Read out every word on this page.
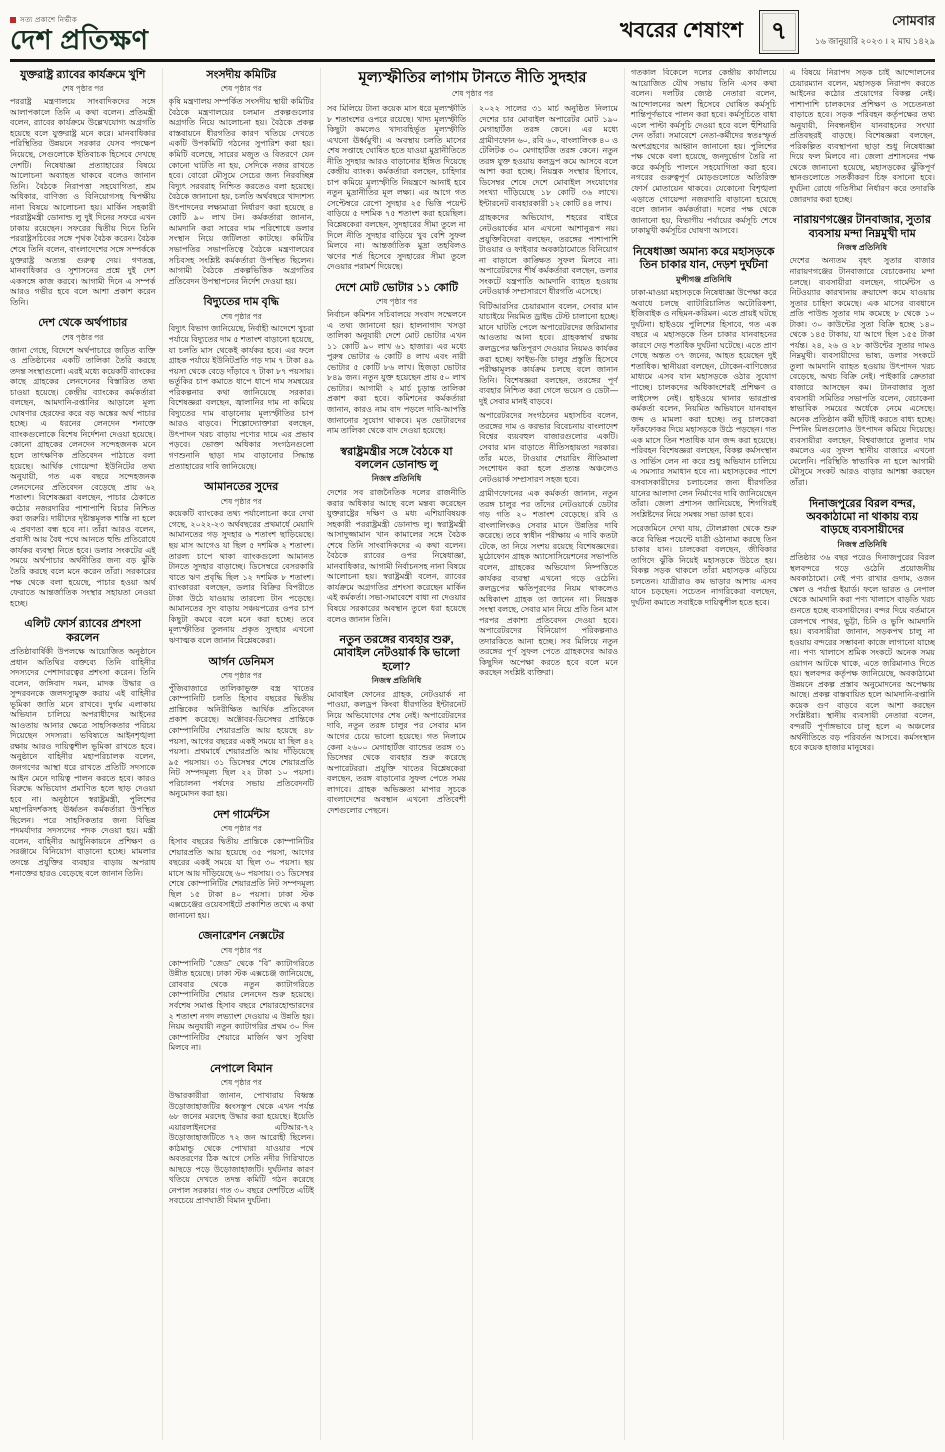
সত্য প্রকাশে নির্ভীক
দেশ প্রতিক্ষণ	খবরের শেষাংশ ৭	সোমবার
১৬ জানুয়ারি ২০২৩ । ২ মাঘ ১৪২৯
যুক্তরাষ্ট্র র‍্যাবের কার্যক্রমে খুশি
শেষ পৃষ্ঠার পর

পররাষ্ট্র মন্ত্রণালয়ে সাংবাদিকদের সঙ্গে আলাপকালে তিনি এ কথা বলেন। প্রতিমন্ত্রী বলেন, র‍্যাবের কার্যক্রমে উল্লেখযোগ্য অগ্রগতি হয়েছে বলে যুক্তরাষ্ট্র মনে করে। মানবাধিকার পরিস্থিতির উন্নয়নে সরকার যেসব পদক্ষেপ নিয়েছে, সেগুলোকে ইতিবাচক হিসেবে দেখছে দেশটি। নিষেধাজ্ঞা প্রত্যাহারের বিষয়ে আলোচনা অব্যাহত থাকবে বলেও জানান তিনি। বৈঠকে নিরাপত্তা সহযোগিতা, শ্রম অধিকার, বাণিজ্য ও বিনিয়োগসহ দ্বিপক্ষীয় নানা বিষয়ে আলোচনা হয়। মার্কিন সহকারী পররাষ্ট্রমন্ত্রী ডোনাল্ড লু দুই দিনের সফরে এখন ঢাকায় রয়েছেন। সফরের দ্বিতীয় দিনে তিনি পররাষ্ট্রসচিবের সঙ্গে পৃথক বৈঠক করেন। বৈঠক শেষে তিনি বলেন, বাংলাদেশের সঙ্গে সম্পর্ককে যুক্তরাষ্ট্র অত্যন্ত গুরুত্ব দেয়। গণতন্ত্র, মানবাধিকার ও সুশাসনের প্রশ্নে দুই দেশ একসঙ্গে কাজ করবে। আগামী দিনে এ সম্পর্ক আরও গভীর হবে বলে আশা প্রকাশ করেন তিনি।

দেশ থেকে অর্থপাচার
শেষ পৃষ্ঠার পর

জানা গেছে, বিদেশে অর্থপাচারে জড়িত ব্যক্তি ও প্রতিষ্ঠানের একটি তালিকা তৈরি করছে তদন্ত সংস্থাগুলো। এরই মধ্যে কয়েকটি ব্যাংকের কাছে গ্রাহকের লেনদেনের বিস্তারিত তথ্য চাওয়া হয়েছে। কেন্দ্রীয় ব্যাংকের কর্মকর্তারা বলছেন, আমদানি-রপ্তানির আড়ালে মূল্য ঘোষণার হেরফের করে বড় অঙ্কের অর্থ পাচার হচ্ছে। এ ধরনের লেনদেন শনাক্তে ব্যাংকগুলোকে বিশেষ নির্দেশনা দেওয়া হয়েছে। কোনো গ্রাহকের লেনদেন সন্দেহজনক মনে হলে তাৎক্ষণিক প্রতিবেদন পাঠাতে বলা হয়েছে। আর্থিক গোয়েন্দা ইউনিটের তথ্য অনুযায়ী, গত এক বছরে সন্দেহজনক লেনদেনের প্রতিবেদন বেড়েছে প্রায় ৬২ শতাংশ। বিশেষজ্ঞরা বলছেন, পাচার ঠেকাতে কঠোর নজরদারির পাশাপাশি বিচার নিশ্চিত করা জরুরি। দায়ীদের দৃষ্টান্তমূলক শাস্তি না হলে এ প্রবণতা বন্ধ হবে না। তাঁরা আরও বলেন, প্রবাসী আয় বৈধ পথে আনতে হুন্ডি প্রতিরোধে কার্যকর ব্যবস্থা নিতে হবে। ডলার সংকটের এই সময়ে অর্থপাচার অর্থনীতির জন্য বড় ঝুঁকি তৈরি করছে বলে মনে করেন তাঁরা। সরকারের পক্ষ থেকে বলা হয়েছে, পাচার হওয়া অর্থ ফেরাতে আন্তর্জাতিক সংস্থার সহায়তা নেওয়া হচ্ছে।

এলিট ফোর্স র‍্যাবের প্রশংসা করলেন

প্রতিষ্ঠাবার্ষিকী উপলক্ষে আয়োজিত অনুষ্ঠানে প্রধান অতিথির বক্তব্যে তিনি বাহিনীর সদস্যদের পেশাদারত্বের প্রশংসা করেন। তিনি বলেন, জঙ্গিবাদ দমন, মাদক উদ্ধার ও সুন্দরবনকে জলদস্যুমুক্ত করায় এই বাহিনীর ভূমিকা জাতি মনে রাখবে। দুর্গম এলাকায় অভিযান চালিয়ে অপরাধীদের আইনের আওতায় আনার ক্ষেত্রে সাহসিকতার পরিচয় দিয়েছেন সদস্যরা। ভবিষ্যতে আইনশৃঙ্খলা রক্ষায় আরও দায়িত্বশীল ভূমিকা রাখতে হবে। অনুষ্ঠানে বাহিনীর মহাপরিচালক বলেন, জনগণের আস্থা ধরে রাখতে প্রতিটি সদস্যকে আইন মেনে দায়িত্ব পালন করতে হবে। কারও বিরুদ্ধে অভিযোগ প্রমাণিত হলে ছাড় দেওয়া হবে না। অনুষ্ঠানে স্বরাষ্ট্রমন্ত্রী, পুলিশের মহাপরিদর্শকসহ ঊর্ধ্বতন কর্মকর্তারা উপস্থিত ছিলেন। পরে সাহসিকতার জন্য বিভিন্ন পদমর্যাদার সদস্যদের পদক দেওয়া হয়। মন্ত্রী বলেন, বাহিনীর আধুনিকায়নে প্রশিক্ষণ ও সরঞ্জামে বিনিয়োগ বাড়ানো হচ্ছে। মামলার তদন্তে প্রযুক্তির ব্যবহার বাড়ায় অপরাধ শনাক্তের হারও বেড়েছে বলে জানান তিনি।

সংসদীয় কমিটির
শেষ পৃষ্ঠার পর

কৃষি মন্ত্রণালয় সম্পর্কিত সংসদীয় স্থায়ী কমিটির বৈঠকে মন্ত্রণালয়ের চলমান প্রকল্পগুলোর অগ্রগতি নিয়ে আলোচনা হয়। বৈঠকে প্রকল্প বাস্তবায়নে ধীরগতির কারণ খতিয়ে দেখতে একটি উপকমিটি গঠনের সুপারিশ করা হয়। কমিটি বলেছে, সারের মজুত ও বিতরণে যেন কোনো ঘাটতি না হয়, সেদিকে নজর রাখতে হবে। বোরো মৌসুমে সেচের জন্য নিরবচ্ছিন্ন বিদ্যুৎ সরবরাহ নিশ্চিত করতেও বলা হয়েছে। বৈঠকে জানানো হয়, চলতি অর্থবছরে খাদ্যশস্য উৎপাদনের লক্ষ্যমাত্রা নির্ধারণ করা হয়েছে ৪ কোটি ৯০ লাখ টন। কর্মকর্তারা জানান, আমদানি করা সারের দাম পরিশোধে ডলার সংস্থান নিয়ে জটিলতা কাটছে। কমিটির সভাপতির সভাপতিত্বে বৈঠকে মন্ত্রণালয়ের সচিবসহ সংশ্লিষ্ট কর্মকর্তারা উপস্থিত ছিলেন। আগামী বৈঠকে প্রকল্পভিত্তিক অগ্রগতির প্রতিবেদন উপস্থাপনের নির্দেশ দেওয়া হয়।

বিদ্যুতের দাম বৃদ্ধি
শেষ পৃষ্ঠার পর

বিদ্যুৎ বিভাগ জানিয়েছে, নির্বাহী আদেশে খুচরা পর্যায়ে বিদ্যুতের দাম ৫ শতাংশ বাড়ানো হয়েছে, যা চলতি মাস থেকেই কার্যকর হবে। এর ফলে গ্রাহক পর্যায়ে ইউনিটপ্রতি গড় দাম ৭ টাকা ৪৯ পয়সা থেকে বেড়ে দাঁড়াবে ৭ টাকা ৮৭ পয়সায়। ভর্তুকির চাপ কমাতে ধাপে ধাপে দাম সমন্বয়ের পরিকল্পনার কথা জানিয়েছে সরকার। বিশেষজ্ঞরা বলছেন, জ্বালানির দাম না কমিয়ে বিদ্যুতের দাম বাড়ানোয় মূল্যস্ফীতির চাপ আরও বাড়বে। শিল্পোদ্যোক্তারা বলছেন, উৎপাদন খরচ বাড়ায় পণ্যের দামে এর প্রভাব পড়বে। ভোক্তা অধিকার সংগঠনগুলো গণশুনানি ছাড়া দাম বাড়ানোর সিদ্ধান্ত প্রত্যাহারের দাবি জানিয়েছে।

আমানতের সুদের
শেষ পৃষ্ঠার পর

কয়েকটি ব্যাংকের তথ্য পর্যালোচনা করে দেখা গেছে, ২০২২-২৩ অর্থবছরের প্রথমার্ধে মেয়াদি আমানতের গড় সুদহার ৬ শতাংশ ছাড়িয়েছে। ছয় মাস আগেও যা ছিল ৫ দশমিক ২ শতাংশ। তারল্য চাপে থাকা ব্যাংকগুলো আমানত টানতে সুদহার বাড়াচ্ছে। ডিসেম্বরে বেসরকারি খাতে ঋণ প্রবৃদ্ধি ছিল ১২ দশমিক ৮ শতাংশ। ব্যাংকাররা বলছেন, ডলার বিক্রির বিপরীতে টাকা উঠে যাওয়ায় তারল্যে টান পড়েছে। আমানতের সুদ বাড়ায় সঞ্চয়পত্রের ওপর চাপ কিছুটা কমবে বলে মনে করা হচ্ছে। তবে মূল্যস্ফীতির তুলনায় প্রকৃত সুদহার এখনো ঋণাত্মক বলে জানান বিশ্লেষকেরা।

আর্গন ডেনিমস
শেষ পৃষ্ঠার পর

পুঁজিবাজারে তালিকাভুক্ত বস্ত্র খাতের কোম্পানিটি চলতি হিসাব বছরের দ্বিতীয় প্রান্তিকের অনিরীক্ষিত আর্থিক প্রতিবেদন প্রকাশ করেছে। অক্টোবর-ডিসেম্বর প্রান্তিকে কোম্পানিটির শেয়ারপ্রতি আয় হয়েছে ৪৮ পয়সা, আগের বছরের একই সময়ে যা ছিল ৪২ পয়সা। প্রথমার্ধে শেয়ারপ্রতি আয় দাঁড়িয়েছে ৯৫ পয়সায়। ৩১ ডিসেম্বর শেষে শেয়ারপ্রতি নিট সম্পদমূল্য ছিল ২২ টাকা ১০ পয়সা। পরিচালনা পর্ষদের সভায় প্রতিবেদনটি অনুমোদন করা হয়।

দেশ গার্মেন্টস
শেষ পৃষ্ঠার পর

হিসাব বছরের দ্বিতীয় প্রান্তিকে কোম্পানিটির শেয়ারপ্রতি আয় হয়েছে ৩৫ পয়সা, আগের বছরের একই সময়ে যা ছিল ৩০ পয়সা। ছয় মাসে আয় দাঁড়িয়েছে ৬০ পয়সায়। ৩১ ডিসেম্বর শেষে কোম্পানিটির শেয়ারপ্রতি নিট সম্পদমূল্য ছিল ১৫ টাকা ৪০ পয়সা। ঢাকা স্টক এক্সচেঞ্জের ওয়েবসাইটে প্রকাশিত তথ্যে এ কথা জানানো হয়।

জেনারেশন নেক্সটের
শেষ পৃষ্ঠার পর

কোম্পানিটি “জেড” থেকে “বি” ক্যাটাগরিতে উন্নীত হয়েছে। ঢাকা স্টক এক্সচেঞ্জ জানিয়েছে, রোববার থেকে নতুন ক্যাটাগরিতে কোম্পানিটির শেয়ার লেনদেন শুরু হয়েছে। সর্বশেষ সমাপ্ত হিসাব বছরে শেয়ারহোল্ডারদের ২ শতাংশ নগদ লভ্যাংশ দেওয়ায় এ উন্নতি হয়। নিয়ম অনুযায়ী নতুন ক্যাটাগরির প্রথম ৩০ দিন কোম্পানিটির শেয়ারে মার্জিন ঋণ সুবিধা মিলবে না।

নেপালে বিমান
শেষ পৃষ্ঠার পর

উদ্ধারকারীরা জানান, পোখারায় বিধ্বস্ত উড়োজাহাজটির ধ্বংসস্তূপ থেকে এখন পর্যন্ত ৬৮ জনের মরদেহ উদ্ধার করা হয়েছে। ইয়েতি এয়ারলাইনসের এটিআর-৭২ উড়োজাহাজটিতে ৭২ জন আরোহী ছিলেন। কাঠমান্ডু থেকে পোখারা যাওয়ার পথে অবতরণের ঠিক আগে সেতি নদীর গিরিখাতে আছড়ে পড়ে উড়োজাহাজটি। দুর্ঘটনার কারণ খতিয়ে দেখতে তদন্ত কমিটি গঠন করেছে নেপাল সরকার। গত ৩০ বছরে দেশটিতে এটিই সবচেয়ে প্রাণঘাতী বিমান দুর্ঘটনা।

মূল্যস্ফীতির লাগাম টানতে নীতি সুদহার
শেষ পৃষ্ঠার পর

সব মিলিয়ে টানা কয়েক মাস ধরে মূল্যস্ফীতি ৮ শতাংশের ওপরে রয়েছে। খাদ্য মূল্যস্ফীতি কিছুটা কমলেও খাদ্যবহির্ভূত মূল্যস্ফীতি এখনো ঊর্ধ্বমুখী। এ অবস্থায় চলতি মাসের শেষ সপ্তাহে ঘোষিত হতে যাওয়া মুদ্রানীতিতে নীতি সুদহার আরও বাড়ানোর ইঙ্গিত দিয়েছে কেন্দ্রীয় ব্যাংক। কর্মকর্তারা বলছেন, চাহিদার চাপ কমিয়ে মূল্যস্ফীতি নিয়ন্ত্রণে আনাই হবে নতুন মুদ্রানীতির মূল লক্ষ্য। এর আগে গত সেপ্টেম্বরে রেপো সুদহার ২৫ ভিত্তি পয়েন্ট বাড়িয়ে ৫ দশমিক ৭৫ শতাংশ করা হয়েছিল। বিশ্লেষকেরা বলছেন, সুদহারের সীমা তুলে না দিলে নীতি সুদহার বাড়িয়ে খুব বেশি সুফল মিলবে না। আন্তর্জাতিক মুদ্রা তহবিলও ঋণের শর্ত হিসেবে সুদহারের সীমা তুলে দেওয়ার পরামর্শ দিয়েছে।

দেশে মোট ভোটার ১১ কোটি
শেষ পৃষ্ঠার পর

নির্বাচন কমিশন সচিবালয়ে সংবাদ সম্মেলনে এ তথ্য জানানো হয়। হালনাগাদ খসড়া তালিকা অনুযায়ী দেশে মোট ভোটার এখন ১১ কোটি ৯০ লাখ ৬১ হাজার। এর মধ্যে পুরুষ ভোটার ৬ কোটি ৪ লাখ এবং নারী ভোটার ৫ কোটি ৮৬ লাখ। হিজড়া ভোটার ৮৪৯ জন। নতুন যুক্ত হয়েছেন প্রায় ৫০ লাখ ভোটার। আগামী ২ মার্চ চূড়ান্ত তালিকা প্রকাশ করা হবে। কমিশনের কর্মকর্তারা জানান, কারও নাম বাদ পড়লে দাবি-আপত্তি জানানোর সুযোগ থাকবে। মৃত ভোটারদের নাম তালিকা থেকে বাদ দেওয়া হয়েছে।

স্বরাষ্ট্রমন্ত্রীর সঙ্গে বৈঠকে যা বললেন ডোনাল্ড লু
নিজস্ব প্রতিনিধি

দেশের সব রাজনৈতিক দলের রাজনীতি করার অধিকার আছে বলে মন্তব্য করেছেন যুক্তরাষ্ট্রের দক্ষিণ ও মধ্য এশিয়াবিষয়ক সহকারী পররাষ্ট্রমন্ত্রী ডোনাল্ড লু। স্বরাষ্ট্রমন্ত্রী আসাদুজ্জামান খান কামালের সঙ্গে বৈঠক শেষে তিনি সাংবাদিকদের এ কথা বলেন। বৈঠকে র‍্যাবের ওপর নিষেধাজ্ঞা, মানবাধিকার, আগামী নির্বাচনসহ নানা বিষয়ে আলোচনা হয়। স্বরাষ্ট্রমন্ত্রী বলেন, র‍্যাবের কার্যক্রমে অগ্রগতির প্রশংসা করেছেন মার্কিন এই কর্মকর্তা। সভা-সমাবেশে বাধা না দেওয়ার বিষয়ে সরকারের অবস্থান তুলে ধরা হয়েছে বলেও জানান তিনি।

নতুন তরঙ্গের ব্যবহার শুরু, মোবাইল নেটওয়ার্ক কি ভালো হলো?
নিজস্ব প্রতিনিধি

মোবাইল ফোনের গ্রাহক, নেটওয়ার্ক না পাওয়া, কলড্রপ কিংবা ধীরগতির ইন্টারনেট নিয়ে অভিযোগের শেষ নেই। অপারেটরদের দাবি, নতুন তরঙ্গ চালুর পর সেবার মান আগের চেয়ে ভালো হয়েছে। গত নিলামে কেনা ২৬০০ মেগাহার্টজ ব্যান্ডের তরঙ্গ ৩১ ডিসেম্বর থেকে ব্যবহার শুরু করেছে অপারেটররা। প্রযুক্তি খাতের বিশ্লেষকেরা বলছেন, তরঙ্গ বাড়ানোর সুফল পেতে সময় লাগবে। গ্রাহক অভিজ্ঞতা মাপার সূচকে বাংলাদেশের অবস্থান এখনো প্রতিবেশী দেশগুলোর পেছনে।

২০২২ সালের ৩১ মার্চ অনুষ্ঠিত নিলামে দেশের চার মোবাইল অপারেটর মোট ১৯০ মেগাহার্টজ তরঙ্গ কেনে। এর মধ্যে গ্রামীণফোন ৬০, রবি ৬০, বাংলালিংক ৪০ ও টেলিটক ৩০ মেগাহার্টজ তরঙ্গ কেনে। নতুন তরঙ্গ যুক্ত হওয়ায় কলড্রপ কমে আসবে বলে আশা করা হচ্ছে। নিয়ন্ত্রক সংস্থার হিসাবে, ডিসেম্বর শেষে দেশে মোবাইল সংযোগের সংখ্যা দাঁড়িয়েছে ১৮ কোটি ৩৬ লাখে। ইন্টারনেট ব্যবহারকারী ১২ কোটি ৪৪ লাখ।

গ্রাহকদের অভিযোগ, শহরের বাইরে নেটওয়ার্কের মান এখনো আশানুরূপ নয়। প্রযুক্তিবিদেরা বলছেন, তরঙ্গের পাশাপাশি টাওয়ার ও ফাইবার অবকাঠামোতে বিনিয়োগ না বাড়ালে কাঙ্ক্ষিত সুফল মিলবে না। অপারেটরদের শীর্ষ কর্মকর্তারা বলছেন, ডলার সংকটে যন্ত্রপাতি আমদানি ব্যাহত হওয়ায় নেটওয়ার্ক সম্প্রসারণে ধীরগতি এসেছে।

বিটিআরসির চেয়ারম্যান বলেন, সেবার মান যাচাইয়ে নিয়মিত ড্রাইভ টেস্ট চালানো হচ্ছে। মানে ঘাটতি পেলে অপারেটরদের জরিমানার আওতায় আনা হবে। গ্রাহকস্বার্থ রক্ষায় কলড্রপের ক্ষতিপূরণ দেওয়ার নিয়মও কার্যকর করা হচ্ছে। ফাইভ-জি চালুর প্রস্তুতি হিসেবে পরীক্ষামূলক কার্যক্রম চলছে বলে জানান তিনি। বিশেষজ্ঞরা বলছেন, তরঙ্গের পূর্ণ ব্যবহার নিশ্চিত করা গেলে ভয়েস ও ডেটা— দুই সেবার মানই বাড়বে।

অপারেটরদের সংগঠনের মহাসচিব বলেন, তরঙ্গের দাম ও করভার বিবেচনায় বাংলাদেশ বিশ্বের ব্যয়বহুল বাজারগুলোর একটি। সেবার মান বাড়াতে নীতিসহায়তা দরকার। তাঁর মতে, টাওয়ার শেয়ারিং নীতিমালা সংশোধন করা হলে প্রত্যন্ত অঞ্চলেও নেটওয়ার্ক সম্প্রসারণ সহজ হবে।

গ্রামীণফোনের এক কর্মকর্তা জানান, নতুন তরঙ্গ চালুর পর তাঁদের নেটওয়ার্কে ডেটার গড় গতি ২০ শতাংশ বেড়েছে। রবি ও বাংলালিংকও সেবার মানে উন্নতির দাবি করেছে। তবে স্বাধীন পরীক্ষায় এ দাবি কতটা টেকে, তা নিয়ে সংশয় রয়েছে বিশেষজ্ঞদের। মুঠোফোন গ্রাহক অ্যাসোসিয়েশনের সভাপতি বলেন, গ্রাহকের অভিযোগ নিষ্পত্তিতে কার্যকর ব্যবস্থা এখনো গড়ে ওঠেনি। কলড্রপের ক্ষতিপূরণের নিয়ম থাকলেও অধিকাংশ গ্রাহক তা জানেন না। নিয়ন্ত্রক সংস্থা বলছে, সেবার মান নিয়ে প্রতি তিন মাস পরপর প্রকাশ্য প্রতিবেদন দেওয়া হবে। অপারেটরদের বিনিয়োগ পরিকল্পনাও তদারকিতে আনা হচ্ছে। সব মিলিয়ে নতুন তরঙ্গের পূর্ণ সুফল পেতে গ্রাহকদের আরও কিছুদিন অপেক্ষা করতে হবে বলে মনে করছেন সংশ্লিষ্ট ব্যক্তিরা।

গতকাল বিকেলে দলের কেন্দ্রীয় কার্যালয়ে আয়োজিত যৌথ সভায় তিনি এসব কথা বলেন। দলটির জ্যেষ্ঠ নেতারা বলেন, আন্দোলনের অংশ হিসেবে ঘোষিত কর্মসূচি শান্তিপূর্ণভাবে পালন করা হবে। কর্মসূচিতে বাধা এলে পাল্টা কর্মসূচি দেওয়া হবে বলে হুঁশিয়ারি দেন তাঁরা। সমাবেশে নেতা-কর্মীদের স্বতঃস্ফূর্ত অংশগ্রহণের আহ্বান জানানো হয়। পুলিশের পক্ষ থেকে বলা হয়েছে, জনদুর্ভোগ তৈরি না করে কর্মসূচি পালনে সহযোগিতা করা হবে। নগরের গুরুত্বপূর্ণ মোড়গুলোতে অতিরিক্ত ফোর্স মোতায়েন থাকবে। যেকোনো বিশৃঙ্খলা এড়াতে গোয়েন্দা নজরদারি বাড়ানো হয়েছে বলে জানান কর্মকর্তারা। দলের পক্ষ থেকে জানানো হয়, বিভাগীয় পর্যায়ের কর্মসূচি শেষে ঢাকামুখী কর্মসূচির ঘোষণা আসবে।

নিষেধাজ্ঞা অমান্য করে মহাসড়কে তিন চাকার যান, দেড়শ দুর্ঘটনা
মুন্সীগঞ্জ প্রতিনিধি

ঢাকা-মাওয়া মহাসড়কে নিষেধাজ্ঞা উপেক্ষা করে অবাধে চলছে ব্যাটারিচালিত অটোরিকশা, ইজিবাইক ও নছিমন-করিমন। এতে প্রায়ই ঘটছে দুর্ঘটনা। হাইওয়ে পুলিশের হিসাবে, গত এক বছরে এ মহাসড়কে তিন চাকার যানবাহনের কারণে দেড় শতাধিক দুর্ঘটনা ঘটেছে। এতে প্রাণ গেছে অন্তত ৩৭ জনের, আহত হয়েছেন দুই শতাধিক। স্থানীয়রা বলছেন, টোকেন-বাণিজ্যের মাধ্যমে এসব যান মহাসড়কে ওঠার সুযোগ পাচ্ছে। চালকদের অধিকাংশেরই প্রশিক্ষণ ও লাইসেন্স নেই। হাইওয়ে থানার ভারপ্রাপ্ত কর্মকর্তা বলেন, নিয়মিত অভিযানে যানবাহন জব্দ ও মামলা করা হচ্ছে। তবু চালকেরা ফাঁকফোকর দিয়ে মহাসড়কে উঠে পড়ছেন। গত এক মাসে তিন শতাধিক যান জব্দ করা হয়েছে। পরিবহন বিশেষজ্ঞরা বলছেন, বিকল্প কর্মসংস্থান ও সার্ভিস লেন না করে শুধু অভিযান চালিয়ে এ সমস্যার সমাধান হবে না। মহাসড়কের পাশে বসবাসকারীদের চলাচলের জন্য ধীরগতির যানের আলাদা লেন নির্মাণের দাবি জানিয়েছেন তাঁরা। জেলা প্রশাসন জানিয়েছে, শিগগিরই সংশ্লিষ্টদের নিয়ে সমন্বয় সভা ডাকা হবে।

সরেজমিনে দেখা যায়, টোলপ্লাজা থেকে শুরু করে বিভিন্ন পয়েন্টে যাত্রী ওঠানামা করছে তিন চাকার যান। চালকেরা বলছেন, জীবিকার তাগিদে ঝুঁকি নিয়েই মহাসড়কে উঠতে হয়। বিকল্প সড়ক থাকলে তাঁরা মহাসড়ক এড়িয়ে চলতেন। যাত্রীরাও কম ভাড়ার আশায় এসব যানে চড়ছেন। সচেতন নাগরিকেরা বলছেন, দুর্ঘটনা কমাতে সবাইকে দায়িত্বশীল হতে হবে।

এ বিষয়ে নিরাপদ সড়ক চাই আন্দোলনের চেয়ারম্যান বলেন, মহাসড়ক নিরাপদ করতে আইনের কঠোর প্রয়োগের বিকল্প নেই। পাশাপাশি চালকদের প্রশিক্ষণ ও সচেতনতা বাড়াতে হবে। সড়ক পরিবহন কর্তৃপক্ষের তথ্য অনুযায়ী, নিবন্ধনহীন যানবাহনের সংখ্যা প্রতিবছরই বাড়ছে। বিশেষজ্ঞরা বলছেন, পরিকল্পিত ব্যবস্থাপনা ছাড়া শুধু নিষেধাজ্ঞা দিয়ে ফল মিলবে না। জেলা প্রশাসনের পক্ষ থেকে জানানো হয়েছে, মহাসড়কের ঝুঁকিপূর্ণ স্থানগুলোতে সতর্কীকরণ চিহ্ন বসানো হবে। দুর্ঘটনা রোধে গতিসীমা নির্ধারণ করে তদারকি জোরদার করা হচ্ছে।

নারায়ণগঞ্জের টানবাজার, সুতার ব্যবসায় মন্দা নিম্নমুখী দাম
নিজস্ব প্রতিনিধি

দেশের অন্যতম বৃহৎ সুতার বাজার নারায়ণগঞ্জের টানবাজারে বেচাকেনায় মন্দা চলছে। ব্যবসায়ীরা বলছেন, গার্মেন্টস ও নিটওয়্যার কারখানায় ক্রয়াদেশ কমে যাওয়ায় সুতার চাহিদা কমেছে। এক মাসের ব্যবধানে প্রতি পাউন্ড সুতার দাম কমেছে ৮ থেকে ১০ টাকা। ৩০ কাউন্টের সুতা বিক্রি হচ্ছে ১৪০ থেকে ১৪৫ টাকায়, যা আগে ছিল ১৫৫ টাকা পর্যন্ত। ২৪, ২৬ ও ২৮ কাউন্টের সুতার দামও নিম্নমুখী। ব্যবসায়ীদের ভাষ্য, ডলার সংকটে তুলা আমদানি ব্যাহত হওয়ায় উৎপাদন খরচ বেড়েছে, অথচ বিক্রি নেই। পাইকারি ক্রেতারা বাজারে আসছেন কম। টানবাজার সুতা ব্যবসায়ী সমিতির সভাপতি বলেন, বেচাকেনা স্বাভাবিক সময়ের অর্ধেকে নেমে এসেছে। অনেক প্রতিষ্ঠান কর্মী ছাঁটাই করতে বাধ্য হচ্ছে। স্পিনিং মিলগুলোও উৎপাদন কমিয়ে দিয়েছে। ব্যবসায়ীরা বলছেন, বিশ্ববাজারে তুলার দাম কমলেও এর সুফল স্থানীয় বাজারে এখনো মেলেনি। পরিস্থিতি স্বাভাবিক না হলে আগামী মৌসুমে সংকট আরও বাড়ার আশঙ্কা করছেন তাঁরা।

দিনাজপুরের বিরল বন্দর, অবকাঠামো না থাকায় ব্যয় বাড়ছে ব্যবসায়ীদের
নিজস্ব প্রতিনিধি

প্রতিষ্ঠার ৩৬ বছর পরেও দিনাজপুরের বিরল স্থলবন্দরে গড়ে ওঠেনি প্রয়োজনীয় অবকাঠামো। নেই পণ্য রাখার গুদাম, ওজন স্কেল ও পর্যাপ্ত ইয়ার্ড। ফলে ভারত ও নেপাল থেকে আমদানি করা পণ্য খালাসে বাড়তি খরচ গুনতে হচ্ছে ব্যবসায়ীদের। বন্দর দিয়ে বর্তমানে রেলপথে পাথর, ভুট্টা, চিনি ও ভুসি আমদানি হয়। ব্যবসায়ীরা জানান, সড়কপথ চালু না হওয়ায় বন্দরের সম্ভাবনা কাজে লাগানো যাচ্ছে না। পণ্য খালাসে শ্রমিক সংকটে অনেক সময় ওয়াগন আটকে থাকে, এতে জরিমানাও দিতে হয়। স্থলবন্দর কর্তৃপক্ষ জানিয়েছে, অবকাঠামো উন্নয়নে প্রকল্প প্রস্তাব অনুমোদনের অপেক্ষায় আছে। প্রকল্প বাস্তবায়িত হলে আমদানি-রপ্তানি কয়েক গুণ বাড়বে বলে আশা করছেন সংশ্লিষ্টরা। স্থানীয় ব্যবসায়ী নেতারা বলেন, বন্দরটি পূর্ণাঙ্গভাবে চালু হলে এ অঞ্চলের অর্থনীতিতে বড় পরিবর্তন আসবে। কর্মসংস্থান হবে কয়েক হাজার মানুষের।
